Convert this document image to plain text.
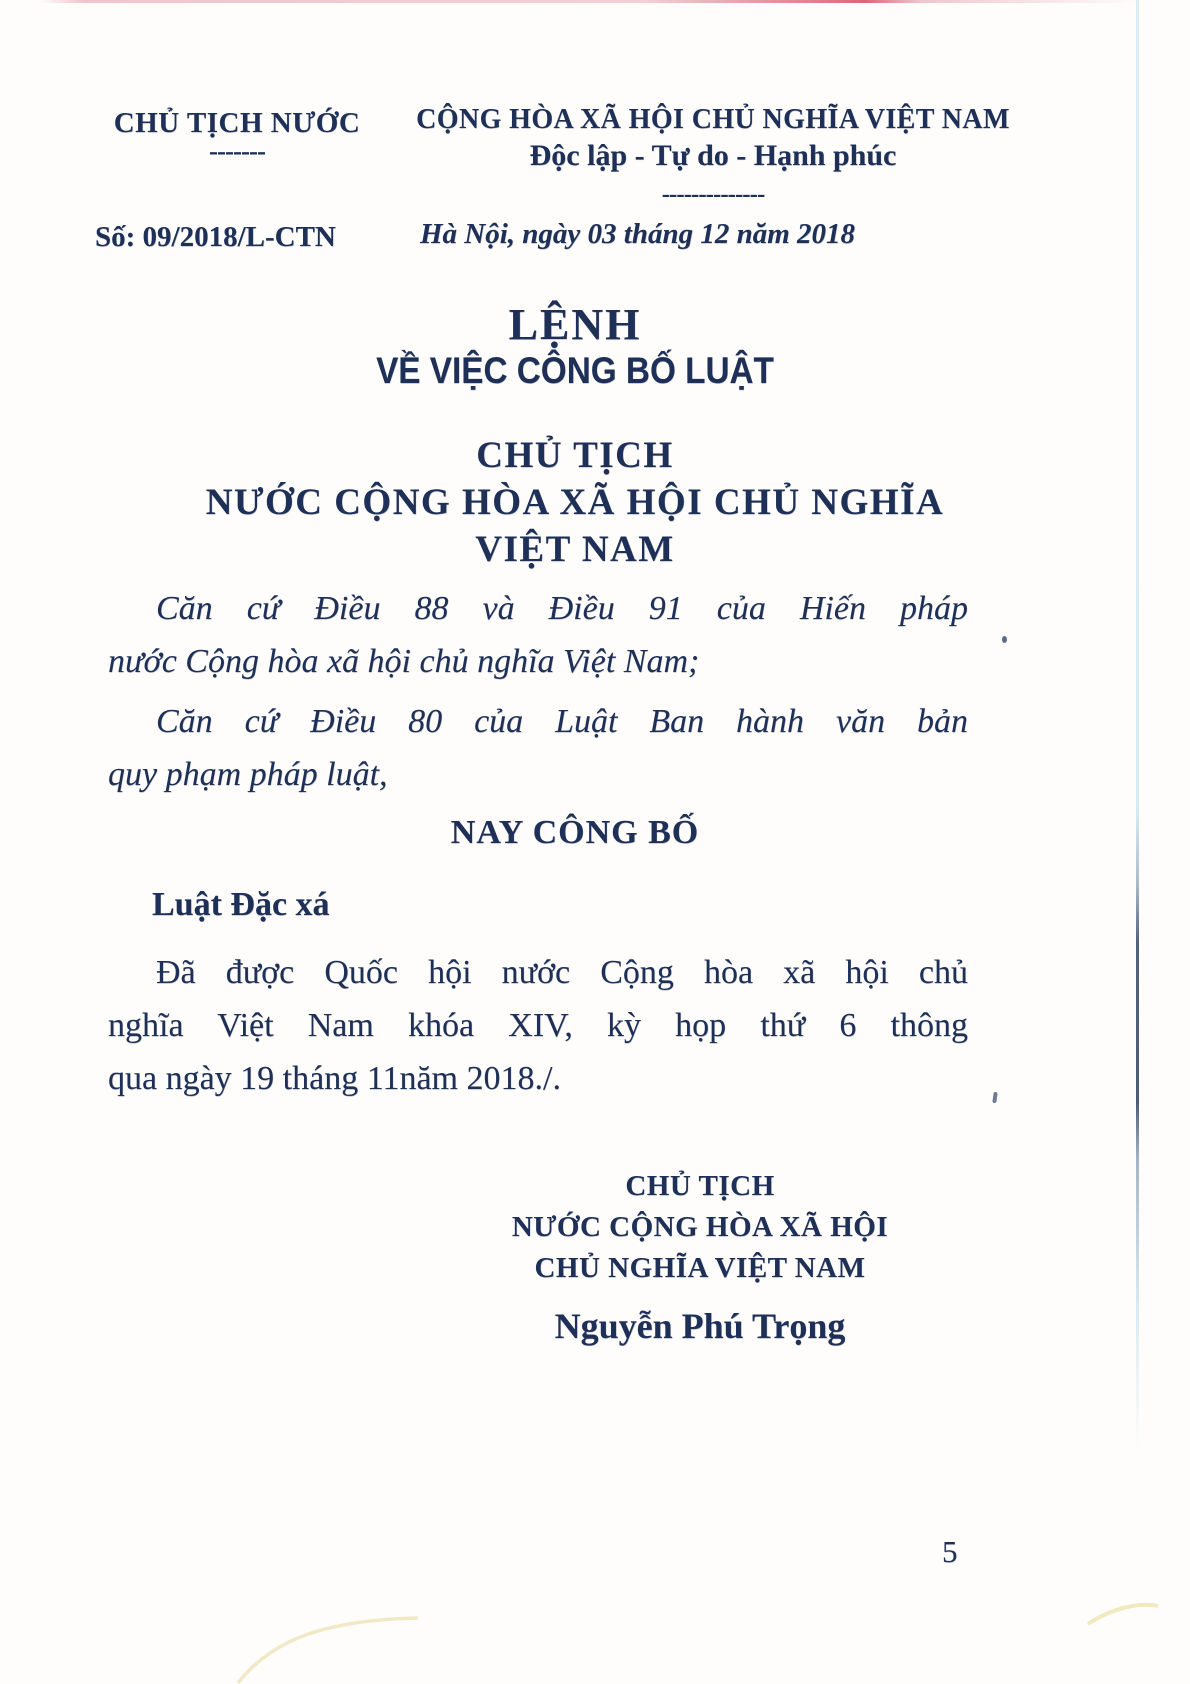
CHỦ TỊCH NƯỚC
-------
Số: 09/2018/L-CTN
CỘNG HÒA XÃ HỘI CHỦ NGHĨA VIỆT NAM
Độc lập - Tự do - Hạnh phúc
--------------
Hà Nội, ngày 03 tháng 12 năm 2018
LỆNH
VỀ VIỆC CÔNG BỐ LUẬT
CHỦ TỊCH
NƯỚC CỘNG HÒA XÃ HỘI CHỦ NGHĨA
VIỆT NAM
Căn cứ Điều 88 và Điều 91 của Hiến pháp
nước Cộng hòa xã hội chủ nghĩa Việt Nam;
Căn cứ Điều 80 của Luật Ban hành văn bản
quy phạm pháp luật,
NAY CÔNG BỐ
Luật Đặc xá
Đã được Quốc hội nước Cộng hòa xã hội chủ
nghĩa Việt Nam khóa XIV, kỳ họp thứ 6 thông
qua ngày 19 tháng 11năm 2018./.
CHỦ TỊCH
NƯỚC CỘNG HÒA XÃ HỘI
CHỦ NGHĨA VIỆT NAM
Nguyễn Phú Trọng
5
